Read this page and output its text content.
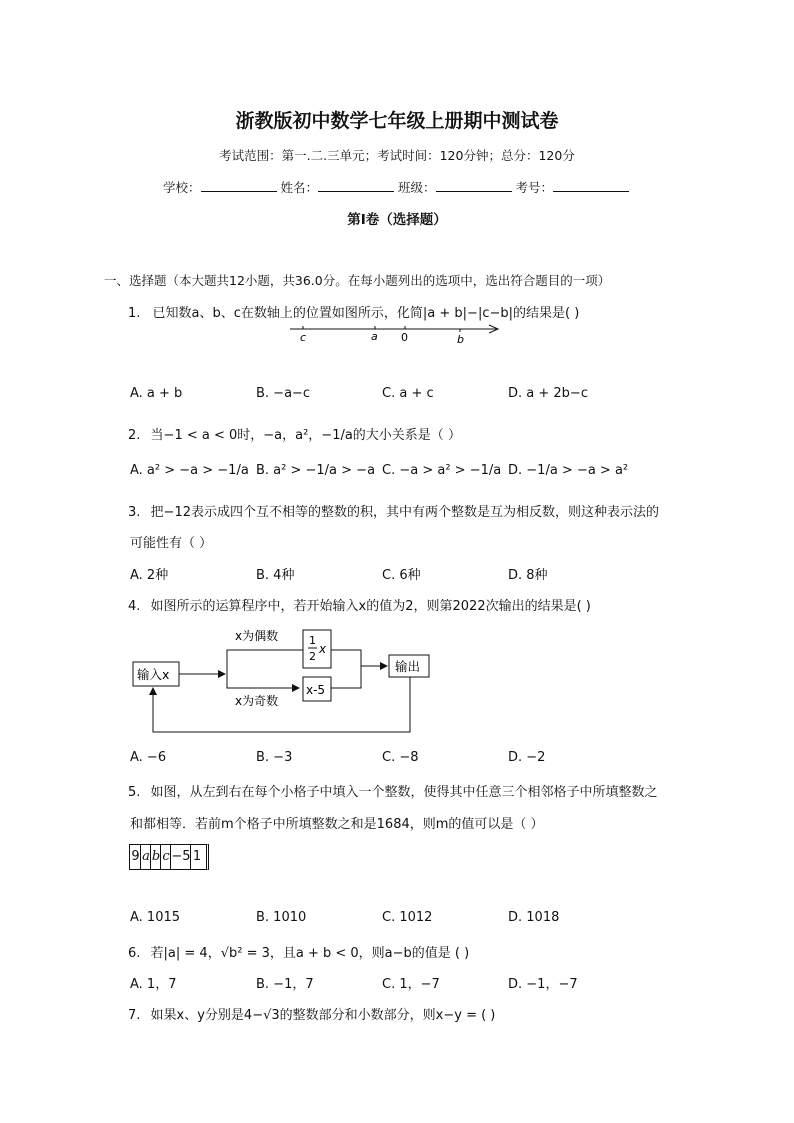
浙教版初中数学七年级上册期中测试卷
考试范围：第一.二.三单元；考试时间：120分钟；总分：120分
学校：	姓名：	班级：	考号：
第Ⅰ卷（选择题）
一、选择题（本大题共12小题，共36.0分。在每小题列出的选项中，选出符合题目的一项）
1. 已知数a、b、c在数轴上的位置如图所示，化简|a + b|−|c−b|的结果是( )
c	a 0	b
A. a + b	B. −a−c	C. a + c	D. a + 2b−c
2. 当−1 < a < 0时，−a，a²，−1/a的大小关系是（ ）
A. a² > −a > −1/a B. a² > −1/a > −a C. −a > a² > −1/a D. −1/a > −a > a²
3. 把−12表示成四个互不相等的整数的积，其中有两个整数是互为相反数，则这种表示法的
可能性有（ ）
A. 2种	B. 4种	C. 6种	D. 8种
4. 如图所示的运算程序中，若开始输入x的值为2，则第2022次输出的结果是( )
输入x
x为偶数
x为奇数
1
2
x
x-5
输出
A. −6	B. −3	C. −8	D. −2
5. 如图，从左到右在每个小格子中填入一个整数，使得其中任意三个相邻格子中所填整数之
和都相等．若前m个格子中所填整数之和是1684，则m的值可以是（ ）
9 a b c −5 1
A. 1015	B. 1010	C. 1012	D. 1018
6. 若|a| = 4，√b² = 3，且a + b < 0，则a−b的值是 ( )
A. 1，7	B. −1，7	C. 1，−7	D. −1，−7
7. 如果x、y分别是4−√3的整数部分和小数部分，则x−y = ( )
